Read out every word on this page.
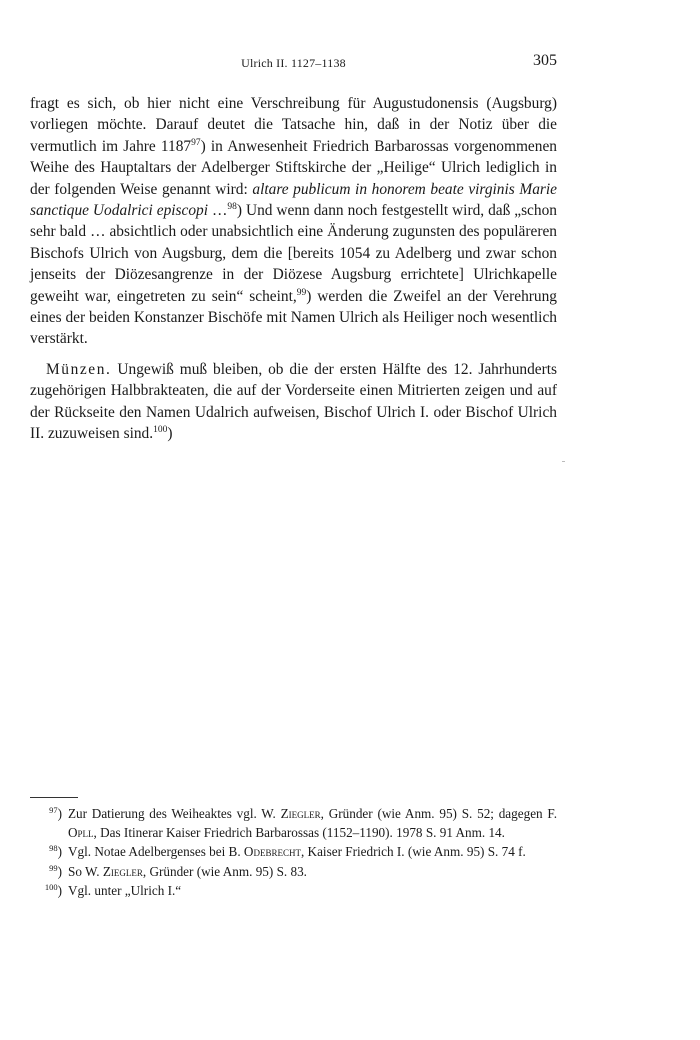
Ulrich II. 1127–1138	305

fragt es sich, ob hier nicht eine Verschreibung für Augustudonensis (Augsburg) vorliegen möchte. Darauf deutet die Tatsache hin, daß in der Notiz über die vermutlich im Jahre 1187$^{97}$) in Anwesenheit Friedrich Barbarossas vorgenommenen Weihe des Hauptaltars der Adelberger Stiftskirche der „Heilige“ Ulrich lediglich in der folgenden Weise genannt wird: altare publicum in honorem beate virginis Marie sanctique Uodalrici episcopi …$^{98}$) Und wenn dann noch festgestellt wird, daß „schon sehr bald … absichtlich oder unabsichtlich eine Änderung zugunsten des populäreren Bischofs Ulrich von Augsburg, dem die [bereits 1054 zu Adelberg und zwar schon jenseits der Diözesangrenze in der Diözese Augsburg errichtete] Ulrichkapelle geweiht war, eingetreten zu sein“ scheint,$^{99}$) werden die Zweifel an der Verehrung eines der beiden Konstanzer Bischöfe mit Namen Ulrich als Heiliger noch wesentlich verstärkt.

Münzen. Ungewiß muß bleiben, ob die der ersten Hälfte des 12. Jahrhunderts zugehörigen Halbbrakteaten, die auf der Vorderseite einen Mitrierten zeigen und auf der Rückseite den Namen Udalrich aufweisen, Bischof Ulrich I. oder Bischof Ulrich II. zuzuweisen sind.$^{100}$)

$^{97}$) Zur Datierung des Weiheaktes vgl. W. Ziegler, Gründer (wie Anm. 95) S. 52; dagegen F. Opll, Das Itinerar Kaiser Friedrich Barbarossas (1152–1190). 1978 S. 91 Anm. 14.
$^{98}$) Vgl. Notae Adelbergenses bei B. Odebrecht, Kaiser Friedrich I. (wie Anm. 95) S. 74 f.
$^{99}$) So W. Ziegler, Gründer (wie Anm. 95) S. 83.
$^{100}$) Vgl. unter „Ulrich I.“
